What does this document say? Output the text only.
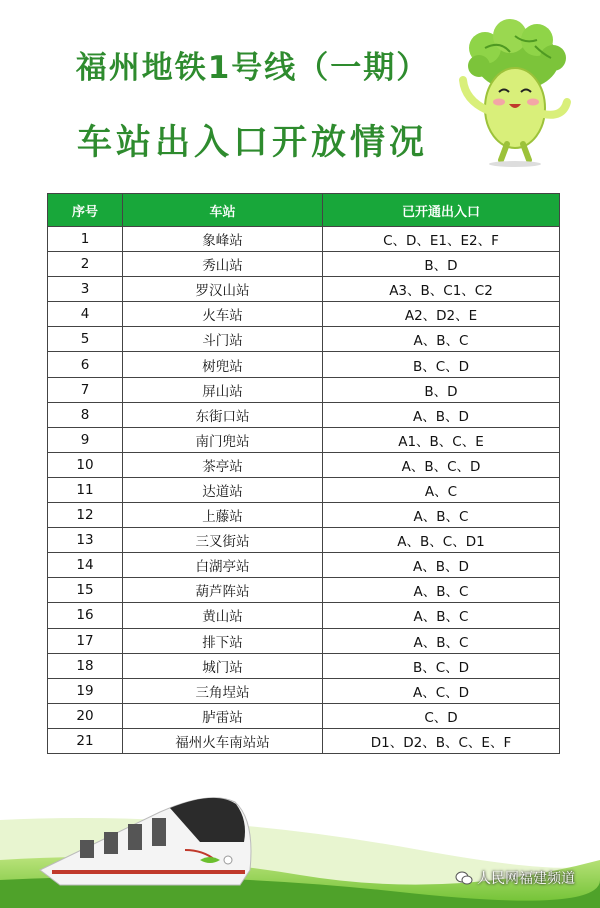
福州地铁1号线（一期）
车站出入口开放情况
序号	车站	已开通出入口
1	象峰站	C、D、E1、E2、F
2	秀山站	B、D
3	罗汉山站	A3、B、C1、C2
4	火车站	A2、D2、E
5	斗门站	A、B、C
6	树兜站	B、C、D
7	屏山站	B、D
8	东街口站	A、B、D
9	南门兜站	A1、B、C、E
10	茶亭站	A、B、C、D
11	达道站	A、C
12	上藤站	A、B、C
13	三叉街站	A、B、C、D1
14	白湖亭站	A、B、D
15	葫芦阵站	A、B、C
16	黄山站	A、B、C
17	排下站	A、B、C
18	城门站	B、C、D
19	三角埕站	A、C、D
20	胪雷站	C、D
21	福州火车南站站	D1、D2、B、C、E、F
人民网福建频道
